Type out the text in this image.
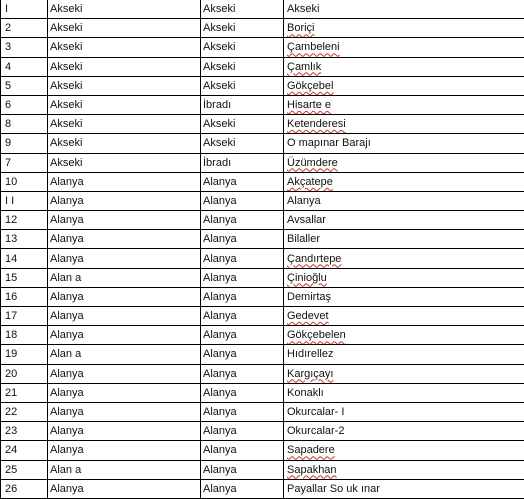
I	Akseki	Akseki	Akseki
2	Akseki	Akseki	Boriçi
3	Akseki	Akseki	Çambeleni
4	Akseki	Akseki	Çamlık
5	Akseki	Akseki	Gökçebel
6	Akseki	İbradı	Hisarte e
8	Akseki	Akseki	Ketenderesi
9	Akseki	Akseki	O mapınar Barajı
7	Akseki	İbradı	Üzümdere
10	Alanya	Alanya	Akçatepe
I I	Alanya	Alanya	Alanya
12	Alanya	Alanya	Avsallar
13	Alanya	Alanya	Bilaller
14	Alanya	Alanya	Çandırtepe
15	Alan a	Alanya	Çinioğlu
16	Alanya	Alanya	Demirtaş
17	Alanya	Alanya	Gedevet
18	Alanya	Alanya	Gökçebelen
19	Alan a	Alanya	Hıdırellez
20	Alanya	Alanya	Kargıçayı
21	Alanya	Alanya	Konaklı
22	Alanya	Alanya	Okurcalar- I
23	Alanya	Alanya	Okurcalar-2
24	Alanya	Alanya	Sapadere
25	Alan a	Alanya	Sapakhan
26	Alanya	Alanya	Payallar So uk ınar
